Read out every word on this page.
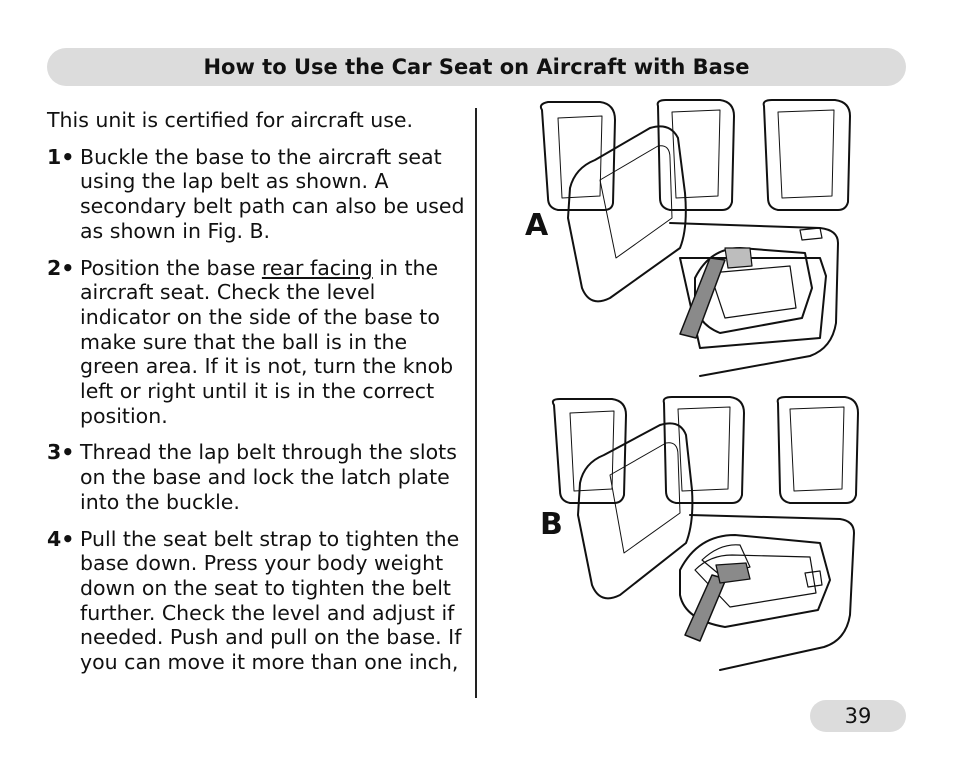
How to Use the Car Seat on Aircraft with Base

This unit is certified for aircraft use.

1• Buckle the base to the aircraft seat using the lap belt as shown. A secondary belt path can also be used as shown in Fig. B.
2• Position the base rear facing in the aircraft seat. Check the level indicator on the side of the base to make sure that the ball is in the green area. If it is not, turn the knob left or right until it is in the correct position.
3• Thread the lap belt through the slots on the base and lock the latch plate into the buckle.
4• Pull the seat belt strap to tighten the base down. Press your body weight down on the seat to tighten the belt further. Check the level and adjust if needed. Push and pull on the base. If you can move it more than one inch,
A
B
39
